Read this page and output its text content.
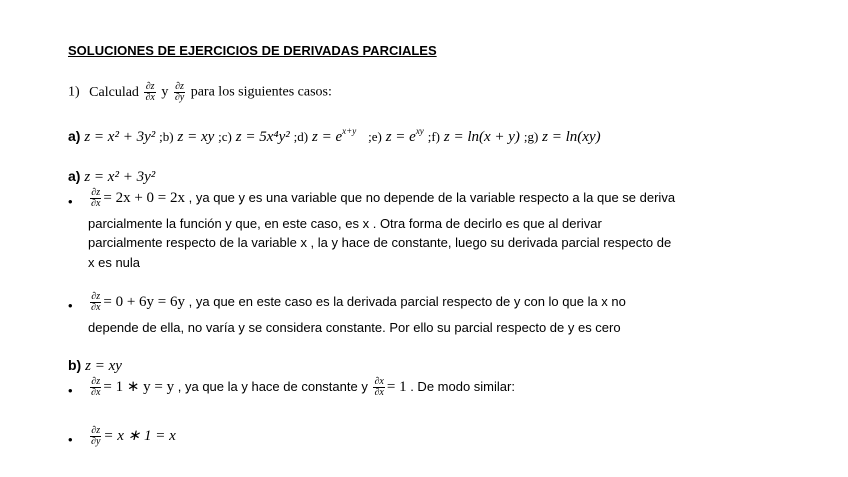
SOLUCIONES DE EJERCICIOS DE DERIVADAS PARCIALES
1) Calculad $\frac{\partial z}{\partial x}$ y $\frac{\partial z}{\partial y}$ para los siguientes casos:
a) z = x² + 3y² ;b) z = xy ;c) z = 5x⁴y² ;d) $z = e^{x+y}$ ;e) $z = e^{xy}$ ;f) z = ln(x + y) ;g) z = ln(xy)
a) z = x² + 3y²
• $\frac{\partial z}{\partial x} = 2x + 0 = 2x$ , ya que y es una variable que no depende de la variable respecto a la que se deriva
parcialmente la función y que, en este caso, es x . Otra forma de decirlo es que al derivar
parcialmente respecto de la variable x , la y hace de constante, luego su derivada parcial respecto de
x es nula
• $\frac{\partial z}{\partial x} = 0 + 6y = 6y$ , ya que en este caso es la derivada parcial respecto de y con lo que la x no
depende de ella, no varía y se considera constante. Por ello su parcial respecto de y es cero
b) z = xy
• $\frac{\partial z}{\partial x} = 1$ ∗ y = y , ya que la y hace de constante y $\frac{\partial x}{\partial x} = 1$ . De modo similar:
• $\frac{\partial z}{\partial y} = x$ ∗ 1 = x
